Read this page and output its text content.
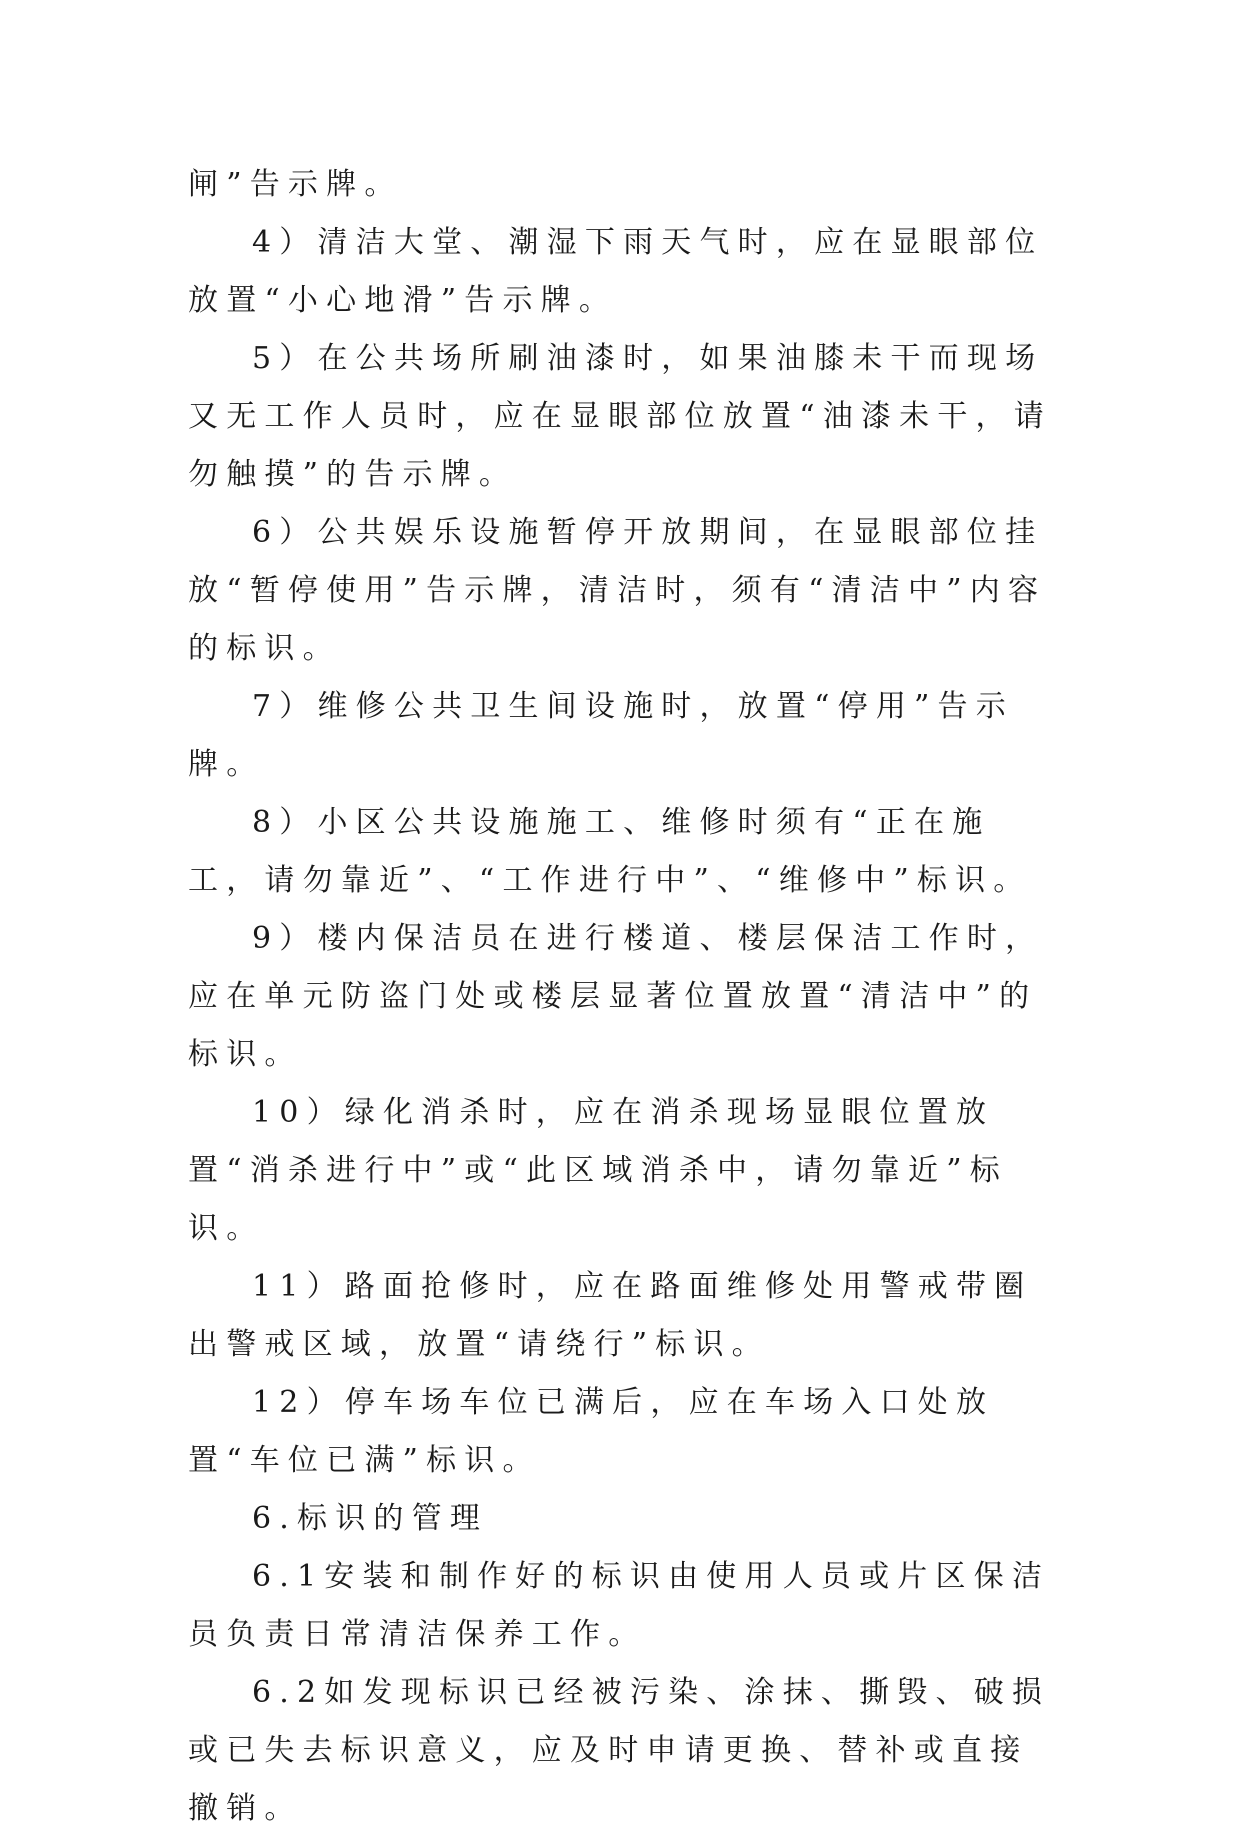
闸”告示牌。

4）清洁大堂、潮湿下雨天气时，应在显眼部位放置“小心地滑”告示牌。

5）在公共场所刷油漆时，如果油膝未干而现场又无工作人员时，应在显眼部位放置“油漆未干，请勿触摸”的告示牌。

6）公共娱乐设施暂停开放期间，在显眼部位挂放“暂停使用”告示牌，清洁时，须有“清洁中”内容的标识。

7）维修公共卫生间设施时，放置“停用”告示牌。

8）小区公共设施施工、维修时须有“正在施工，请勿靠近”、“工作进行中”、“维修中”标识。

9）楼内保洁员在进行楼道、楼层保洁工作时，应在单元防盗门处或楼层显著位置放置“清洁中”的标识。

10）绿化消杀时，应在消杀现场显眼位置放置“消杀进行中”或“此区域消杀中，请勿靠近”标识。

11）路面抢修时，应在路面维修处用警戒带圈出警戒区域，放置“请绕行”标识。

12）停车场车位已满后，应在车场入口处放置“车位已满”标识。

6.标识的管理

6.1安装和制作好的标识由使用人员或片区保洁员负责日常清洁保养工作。

6.2如发现标识已经被污染、涂抹、撕毁、破损或已失去标识意义，应及时申请更换、替补或直接撤销。
